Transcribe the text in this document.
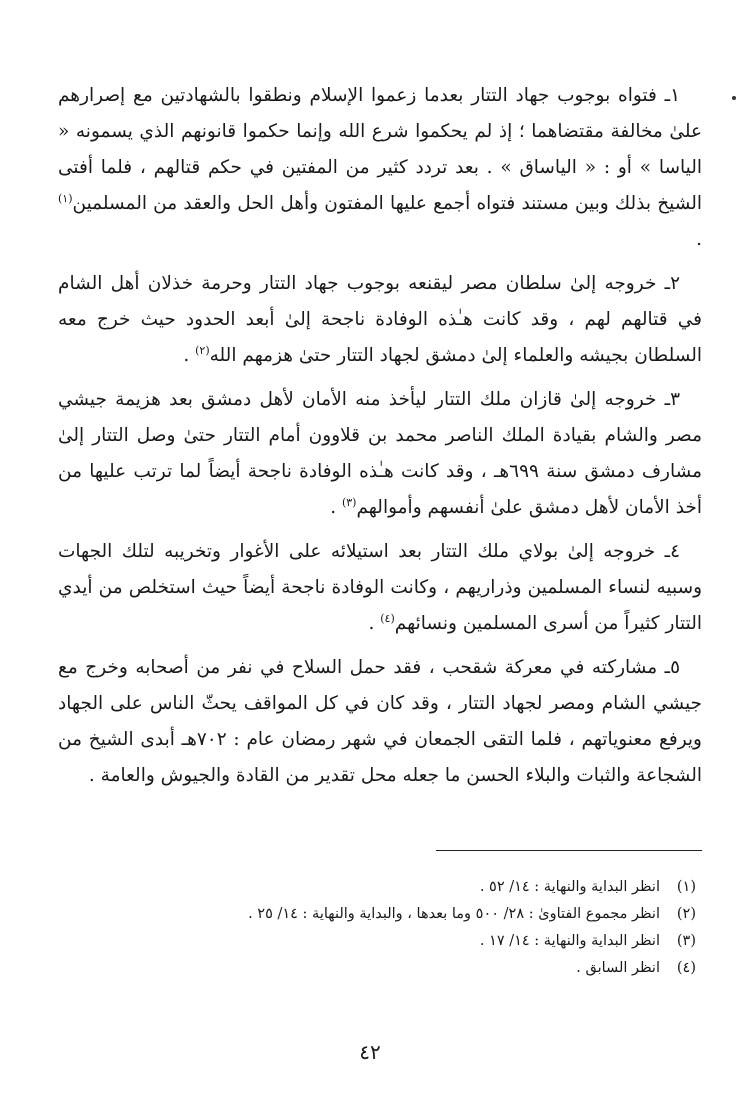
١ـ فتواه بوجوب جهاد التتار بعدما زعموا الإسلام ونطقوا بالشهادتين مع إصرارهم علىٰ مخالفة مقتضاهما ؛ إذ لم يحكموا شرع الله وإنما حكموا قانونهم الذي يسمونه « الياسا » أو : « الياساق » . بعد تردد كثير من المفتين في حكم قتالهم ، فلما أفتى الشيخ بذلك وبين مستند فتواه أجمع عليها المفتون وأهل الحل والعقد من المسلمين$^{(١)}$ .

٢ـ خروجه إلىٰ سلطان مصر ليقنعه بوجوب جهاد التتار وحرمة خذلان أهل الشام في قتالهم لهم ، وقد كانت هـٰذه الوفادة ناجحة إلىٰ أبعد الحدود حيث خرج معه السلطان بجيشه والعلماء إلىٰ دمشق لجهاد التتار حتىٰ هزمهم الله$^{(٢)}$ .

٣ـ خروجه إلىٰ قازان ملك التتار ليأخذ منه الأمان لأهل دمشق بعد هزيمة جيشي مصر والشام بقيادة الملك الناصر محمد بن قلاوون أمام التتار حتىٰ وصل التتار إلىٰ مشارف دمشق سنة ٦٩٩هـ ، وقد كانت هـٰذه الوفادة ناجحة أيضاً لما ترتب عليها من أخذ الأمان لأهل دمشق علىٰ أنفسهم وأموالهم$^{(٣)}$ .

٤ـ خروجه إلىٰ بولاي ملك التتار بعد استيلائه على الأغوار وتخريبه لتلك الجهات وسبيه لنساء المسلمين وذراريهم ، وكانت الوفادة ناجحة أيضاً حيث استخلص من أيدي التتار كثيراً من أسرى المسلمين ونسائهم$^{(٤)}$ .

٥ـ مشاركته في معركة شقحب ، فقد حمل السلاح في نفر من أصحابه وخرج مع جيشي الشام ومصر لجهاد التتار ، وقد كان في كل المواقف يحثّ الناس على الجهاد ويرفع معنوياتهم ، فلما التقى الجمعان في شهر رمضان عام : ٧٠٢هـ أبدى الشيخ من الشجاعة والثبات والبلاء الحسن ما جعله محل تقدير من القادة والجيوش والعامة .

(١)انظر البداية والنهاية : ١٤/ ٥٢ .

(٢)انظر مجموع الفتاوىٰ : ٢٨/ ٥٠٠ وما بعدها ، والبداية والنهاية : ١٤/ ٢٥ .

(٣)انظر البداية والنهاية : ١٤/ ١٧ .

(٤)انظر السابق .

٤٢
